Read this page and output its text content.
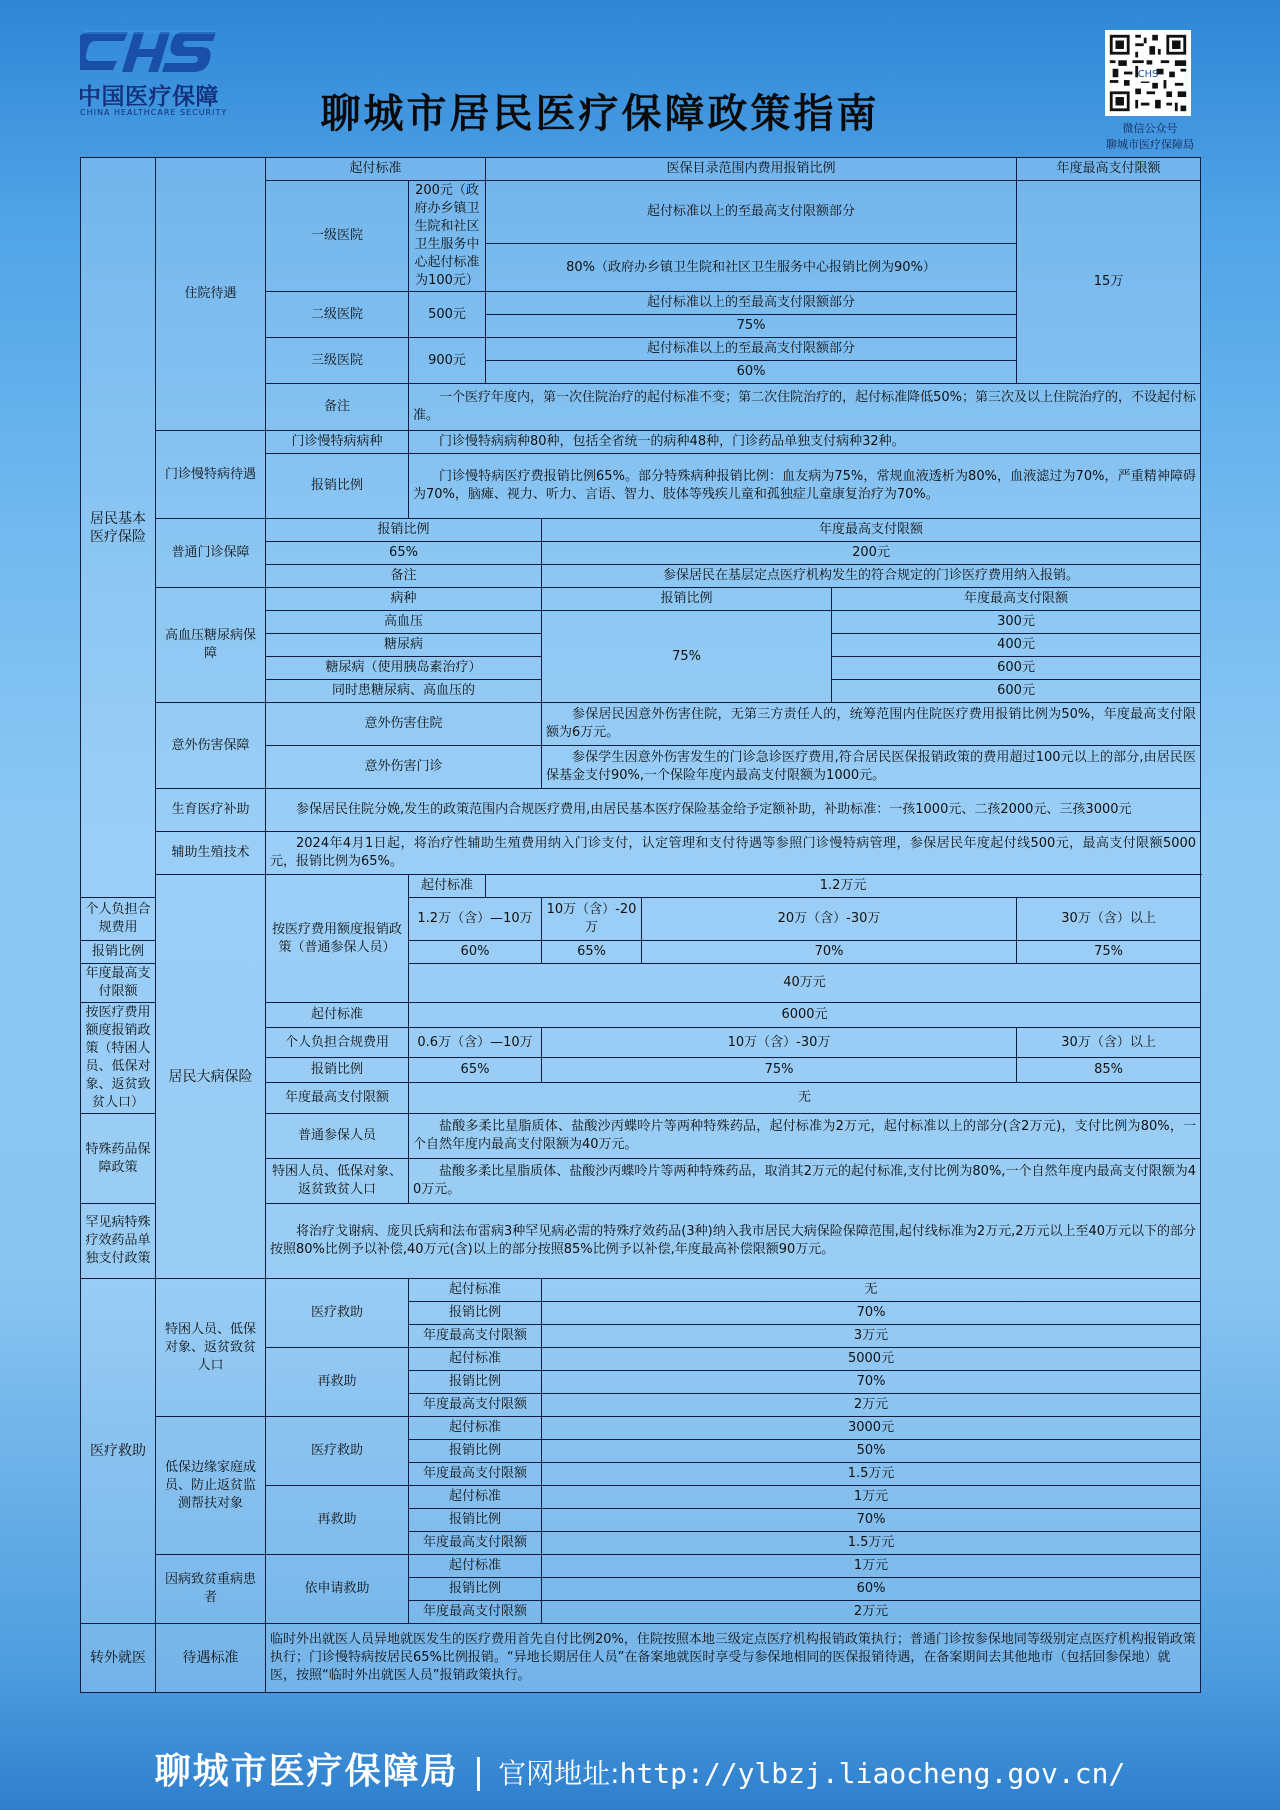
中国医疗保障
CHINA HEALTHCARE SECURITY	聊城市居民医疗保障政策指南
CHS
微信公众号
聊城市医疗保障局
居民基本医疗保险	住院待遇	起付标准		医保目录范围内费用报销比例				年度最高支付限额
		一级医院	200元（政府办乡镇卫生院和社区卫生服务中心起付标准为100元）	起付标准以上的至最高支付限额部分				15万
				80%（政府办乡镇卫生院和社区卫生服务中心报销比例为90%）				
		二级医院	500元	起付标准以上的至最高支付限额部分				
				75%				
		三级医院	900元	起付标准以上的至最高支付限额部分				
				60%				
		备注	一个医疗年度内，第一次住院治疗的起付标准不变；第二次住院治疗的，起付标准降低50%；第三次及以上住院治疗的，不设起付标准。					

	门诊慢特病待遇	门诊慢特病病种	门诊慢特病病种80种，包括全省统一的病种48种，门诊药品单独支付病种32种。					
		报销比例	门诊慢特病医疗费报销比例65%。部分特殊病种报销比例：血友病为75%，常规血液透析为80%，血液滤过为70%，严重精神障碍为70%，脑瘫、视力、听力、言语、智力、肢体等残疾儿童和孤独症儿童康复治疗为70%。					
	普通门诊保障	报销比例			年度最高支付限额			
		65%			200元			
		备注			参保居民在基层定点医疗机构发生的符合规定的门诊医疗费用纳入报销。			
	高血压糖尿病保障	病种			报销比例		年度最高支付限额	
		高血压			75%		300元	
		糖尿病					400元	
		糖尿病（使用胰岛素治疗）					600元	
		同时患糖尿病、高血压的					600元	
	意外伤害保障	意外伤害住院			参保居民因意外伤害住院，无第三方责任人的，统筹范围内住院医疗费用报销比例为50%，年度最高支付限额为6万元。			
		意外伤害门诊			参保学生因意外伤害发生的门诊急诊医疗费用,符合居民医保报销政策的费用超过100元以上的部分,由居民医保基金支付90%,一个保险年度内最高支付限额为1000元。			
	生育医疗补助	参保居民住院分娩,发生的政策范围内合规医疗费用,由居民基本医疗保险基金给予定额补助，补助标准：一孩1000元、二孩2000元、三孩3000元						
	辅助生殖技术	2024年4月1日起，将治疗性辅助生殖费用纳入门诊支付，认定管理和支付待遇等参照门诊慢特病管理，参保居民年度起付线500元，最高支付限额5000元，报销比例为65%。						

	居民大病保险	按医疗费用额度报销政策（普通参保人员）	起付标准	1.2万元				
个人负担合规费用			1.2万（含）—10万		10万（含）-20万	20万（含）-30万		30万（含）以上
报销比例			60%		65%	70%		75%
年度最高支付限额			40万元					
按医疗费用额度报销政策（特困人员、低保对象、返贫致贫人口）		起付标准	6000元					
		个人负担合规费用	0.6万（含）—10万		10万（含）-30万			30万（含）以上
		报销比例	65%		75%			85%
		年度最高支付限额	无					
特殊药品保障政策		普通参保人员	盐酸多柔比星脂质体、盐酸沙丙蝶呤片等两种特殊药品，起付标准为2万元，起付标准以上的部分(含2万元)，支付比例为80%，一个自然年度内最高支付限额为40万元。					
		特困人员、低保对象、返贫致贫人口	盐酸多柔比星脂质体、盐酸沙丙蝶呤片等两种特殊药品，取消其2万元的起付标准,支付比例为80%,一个自然年度内最高支付限额为40万元。					
罕见病特殊疗效药品单独支付政策		将治疗戈谢病、庞贝氏病和法布雷病3种罕见病必需的特殊疗效药品(3种)纳入我市居民大病保险保障范围,起付线标准为2万元,2万元以上至40万元以下的部分按照80%比例予以补偿,40万元(含)以上的部分按照85%比例予以补偿,年度最高补偿限额90万元。						

医疗救助	特困人员、低保对象、返贫致贫人口	医疗救助	起付标准		无			
			报销比例		70%			
			年度最高支付限额		3万元			
		再救助	起付标准		5000元			
			报销比例		70%			
			年度最高支付限额		2万元			
	低保边缘家庭成员、防止返贫监测帮扶对象	医疗救助	起付标准		3000元			
			报销比例		50%			
			年度最高支付限额		1.5万元			
		再救助	起付标准		1万元			
			报销比例		70%			
			年度最高支付限额		1.5万元			
	因病致贫重病患者	依申请救助	起付标准		1万元			
			报销比例		60%			
			年度最高支付限额		2万元			
转外就医	待遇标准	临时外出就医人员异地就医发生的医疗费用首先自付比例20%，住院按照本地三级定点医疗机构报销政策执行；普通门诊按参保地同等级别定点医疗机构报销政策执行；门诊慢特病按居民65%比例报销。“异地长期居住人员”在备案地就医时享受与参保地相同的医保报销待遇，在备案期间去其他地市（包括回参保地）就医，按照“临时外出就医人员”报销政策执行。						
聊城市医疗保障局 | 官网地址:http://ylbzj.liaocheng.gov.cn/
